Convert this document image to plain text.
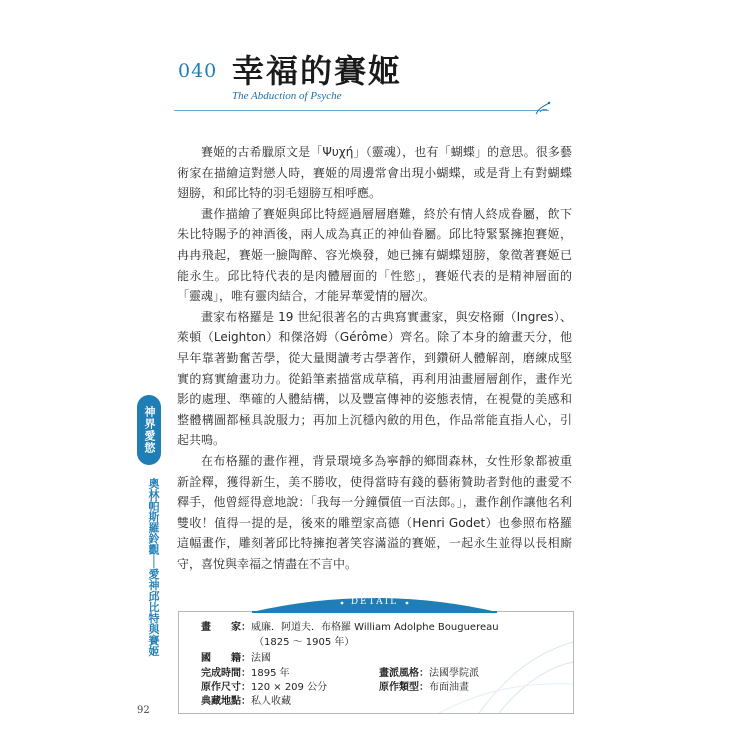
040 幸福的賽姬
The Abduction of Psyche

賽姬的古希臘原文是「Ψυχή」（靈魂），也有「蝴蝶」的意思。很多藝術家在描繪這對戀人時，賽姬的周邊常會出現小蝴蝶，或是背上有對蝴蝶翅膀，和邱比特的羽毛翅膀互相呼應。

畫作描繪了賽姬與邱比特經過層層磨難，終於有情人終成眷屬，飲下朱比特賜予的神酒後，兩人成為真正的神仙眷屬。邱比特緊緊擁抱賽姬，冉冉飛起，賽姬一臉陶醉、容光煥發，她已擁有蝴蝶翅膀，象徵著賽姬已能永生。邱比特代表的是肉體層面的「性慾」，賽姬代表的是精神層面的「靈魂」，唯有靈肉結合，才能昇華愛情的層次。

畫家布格羅是 19 世紀很著名的古典寫實畫家，與安格爾（Ingres）、萊頓（Leighton）和傑洛姆（Gérôme）齊名。除了本身的繪畫天分，他早年靠著勤奮苦學，從大量閱讀考古學著作，到鑽研人體解剖，磨練成堅實的寫實繪畫功力。從鉛筆素描當成草稿，再利用油畫層層創作，畫作光影的處理、準確的人體結構，以及豐富傳神的姿態表情，在視覺的美感和整體構圖都極具說服力；再加上沉穩內斂的用色，作品常能直指人心，引起共鳴。

在布格羅的畫作裡，背景環境多為寧靜的鄉間森林，女性形象都被重新詮釋，獲得新生，美不勝收，使得當時有錢的藝術贊助者對他的畫愛不釋手，他曾經得意地說：「我每一分鐘價值一百法郎。」，畫作創作讓他名利雙收！值得一提的是，後來的雕塑家高德（Henri Godet）也參照布格羅這幅畫作，雕刻著邱比特擁抱著笑容滿溢的賽姬，一起永生並得以長相廝守，喜悅與幸福之情盡在不言中。

神界愛慾
奧林帕斯羅鈴觀──愛神邱比特與賽姬
92
畫　　家：威廉．阿道夫．布格羅 William Adolphe Bouguereau
（1825 ～ 1905 年）
國　　籍：法國
完成時間：1895 年	畫派風格：法國學院派
原作尺寸：120 × 209 公分	原作類型：布面油畫
典藏地點：私人收藏
DETAIL
